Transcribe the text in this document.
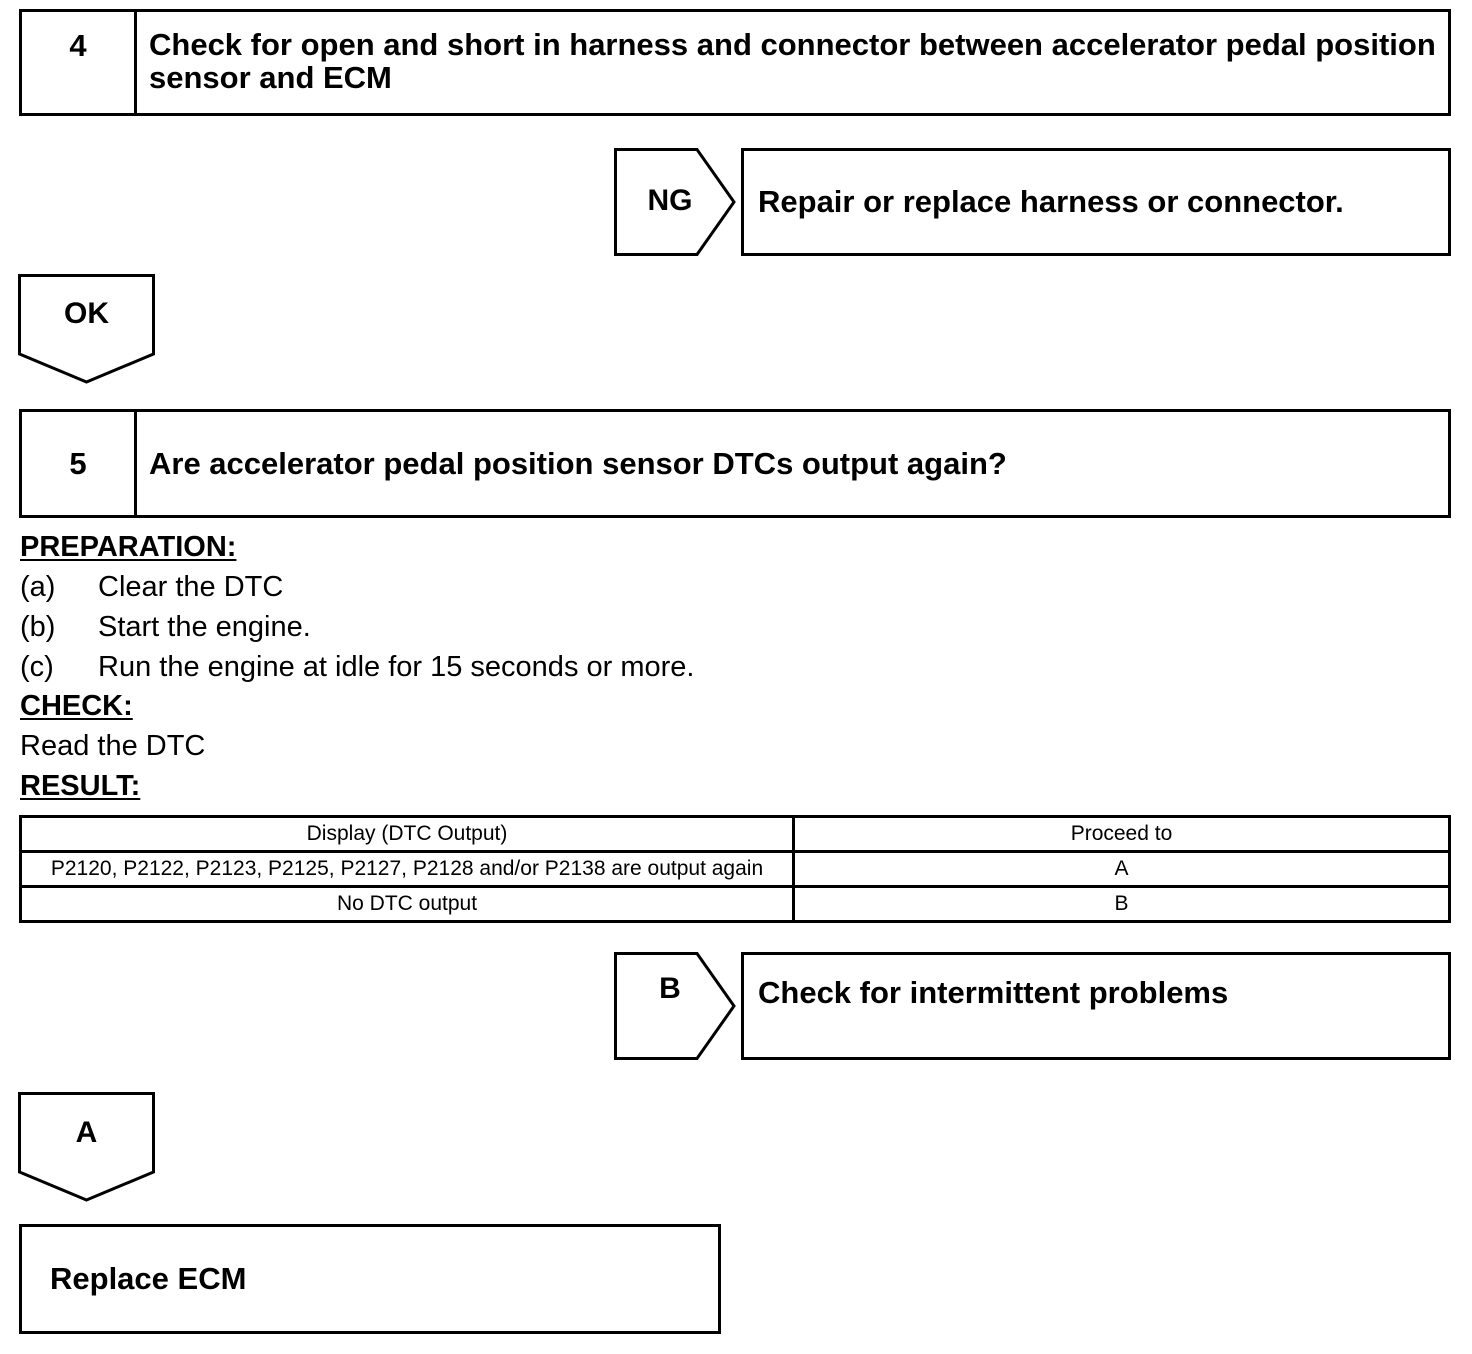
4	Check for open and short in harness and connector between accelerator pedal position sensor and ECM
NG	Repair or replace harness or connector.
OK
5	Are accelerator pedal position sensor DTCs output again?
PREPARATION:
(a)	Clear the DTC
(b)	Start the engine.
(c)	Run the engine at idle for 15 seconds or more.
CHECK:
Read the DTC
RESULT:
Display (DTC Output)	Proceed to
P2120, P2122, P2123, P2125, P2127, P2128 and/or P2138 are output again	A
No DTC output	B
B	Check for intermittent problems
A
Replace ECM
